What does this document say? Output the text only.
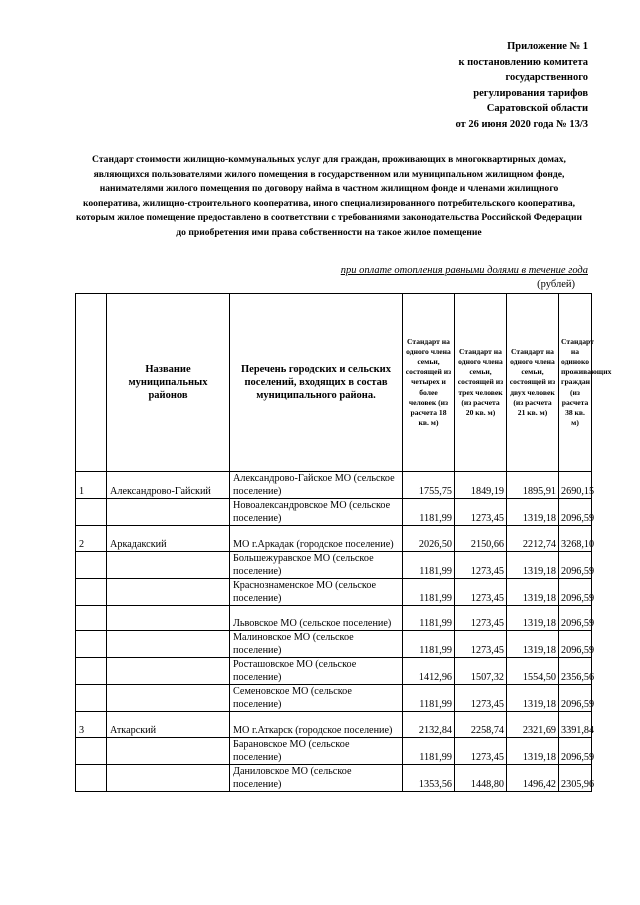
Приложение № 1
к постановлению комитета
государственного
регулирования тарифов
Саратовской области
от 26 июня 2020 года № 13/3
Стандарт стоимости жилищно-коммунальных услуг для граждан, проживающих в многоквартирных домах, являющихся пользователями жилого помещения в государственном или муниципальном жилищном фонде, нанимателями жилого помещения по договору найма в частном жилищном фонде и членами жилищного кооператива, жилищно-строительного кооператива, иного специализированного потребительского кооператива, которым жилое помещение предоставлено в соответствии с требованиями законодательства Российской Федерации до приобретения ими права собственности на такое жилое помещение
при оплате отопления равными долями в течение года
(рублей)
	Название муниципальных районов	Перечень городских и сельских поселений, входящих в состав муниципального района.	Стандарт на одного члена семьи, состоящей из четырех и более человек (из расчета 18 кв. м)	Стандарт на одного члена семьи, состоящей из трех человек (из расчета 20 кв. м)	Стандарт на одного члена семьи, состоящей из двух человек (из расчета 21 кв. м)	Стандарт на одиноко проживающих граждан (из расчета 38 кв. м)
1	Александрово-Гайский	Александрово-Гайское МО (сельское поселение)	1755,75	1849,19	1895,91	2690,15
		Новоалександровское МО (сельское поселение)	1181,99	1273,45	1319,18	2096,59
2	Аркадакский	МО г.Аркадак (городское поселение)	2026,50	2150,66	2212,74	3268,10
		Большежуравское МО (сельское поселение)	1181,99	1273,45	1319,18	2096,59
		Краснознаменское МО (сельское поселение)	1181,99	1273,45	1319,18	2096,59
		Львовское МО (сельское поселение)	1181,99	1273,45	1319,18	2096,59
		Малиновское МО (сельское поселение)	1181,99	1273,45	1319,18	2096,59
		Росташовское МО (сельское поселение)	1412,96	1507,32	1554,50	2356,56
		Семеновское МО (сельское поселение)	1181,99	1273,45	1319,18	2096,59
3	Аткарский	МО г.Аткарск (городское поселение)	2132,84	2258,74	2321,69	3391,84
		Барановское МО (сельское поселение)	1181,99	1273,45	1319,18	2096,59
		Даниловское МО (сельское поселение)	1353,56	1448,80	1496,42	2305,96
